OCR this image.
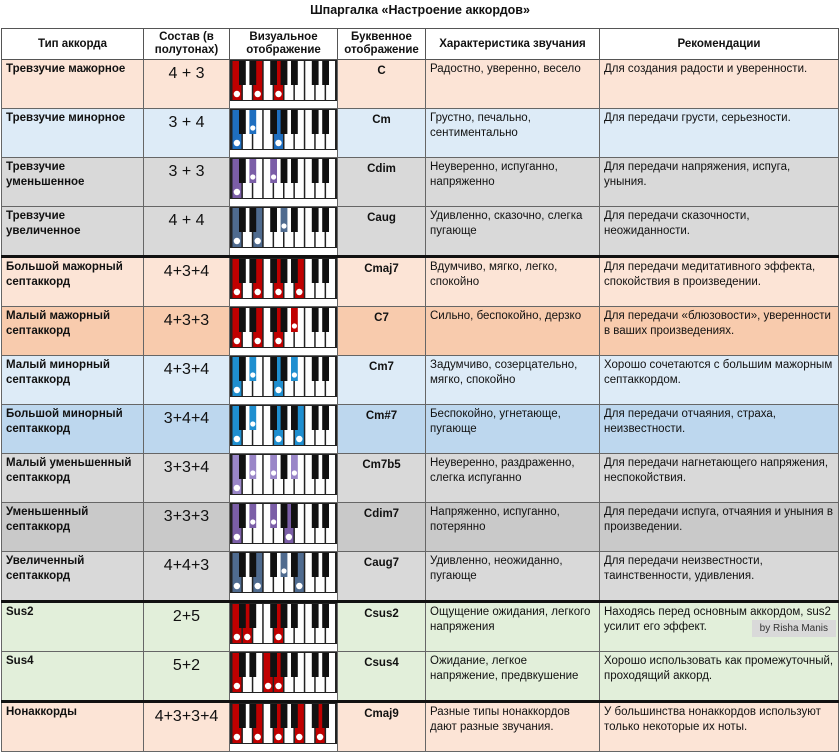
Шпаргалка «Настроение аккордов»
Тип аккорда	Состав (в полутонах)	Визуальное отображение	Буквенное отображение	Характеристика звучания	Рекомендации
Тревзучие мажорное	4 + 3		C	Радостно, уверенно, весело	Для создания радости и уверенности.
Тревзучие минорное	3 + 4		Cm	Грустно, печально, сентиментально	Для передачи грусти, серьезности.
Тревзучие уменьшенное	3 + 3		Cdim	Неуверенно, испуганно, напряженно	Для передачи напряжения, испуга, уныния.
Тревзучие увеличенное	4 + 4		Caug	Удивленно, сказочно, слегка пугающе	Для передачи сказочности, неожиданности.
Большой мажорный септаккорд	4+3+4		Cmaj7	Вдумчиво, мягко, легко, спокойно	Для передачи медитативного эффекта, спокойствия в произведении.
Малый мажорный септаккорд	4+3+3		C7	Сильно, беспокойно, дерзко	Для передачи «блюзовости», уверенности в ваших произведениях.
Малый минорный септаккорд	4+3+4		Cm7	Задумчиво, созерцательно, мягко, спокойно	Хорошо сочетаются с большим мажорным септаккордом.
Большой минорный септаккорд	3+4+4		Cm#7	Беспокойно, угнетающе, пугающе	Для передачи отчаяния, страха, неизвестности.
Малый уменьшенный септаккорд	3+3+4		Cm7b5	Неуверенно, раздраженно, слегка испуганно	Для передачи нагнетающего напряжения, неспокойствия.
Уменьшенный септаккорд	3+3+3		Cdim7	Напряженно, испуганно, потерянно	Для передачи испуга, отчаяния и уныния в произведении.
Увеличенный септаккорд	4+4+3		Caug7	Удивленно, неожиданно, пугающе	Для передачи неизвестности, таинственности, удивления.
Sus2	2+5		Csus2	Ощущение ожидания, легкого напряжения	Находясь перед основным аккордом, sus2 усилит его эффект.
Sus4	5+2		Csus4	Ожидание, легкое напряжение, предвкушение	Хорошо использовать как промежуточный, проходящий аккорд.
Нонаккорды	4+3+3+4		Cmaj9	Разные типы нонаккордов дают разные звучания.	У большинства нонаккордов используют только некоторые их ноты.
by Risha Manis
